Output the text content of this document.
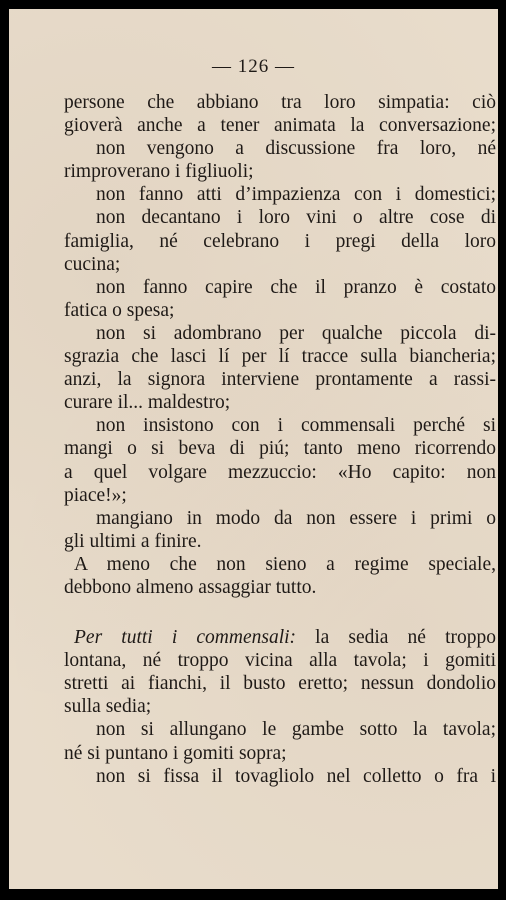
— 126 —
persone che abbiano tra loro simpatia: ciò
gioverà anche a tener animata la conversazione;
non vengono a discussione fra loro, né
rimproverano i figliuoli;
non fanno atti d’impazienza con i domestici;
non decantano i loro vini o altre cose di
famiglia, né celebrano i pregi della loro
cucina;
non fanno capire che il pranzo è costato
fatica o spesa;
non si adombrano per qualche piccola di-
sgrazia che lasci lí per lí tracce sulla biancheria;
anzi, la signora interviene prontamente a rassi-
curare il... maldestro;
non insistono con i commensali perché si
mangi o si beva di piú; tanto meno ricorrendo
a quel volgare mezzuccio: «Ho capito: non
piace!»;
mangiano in modo da non essere i primi o
gli ultimi a finire.
A meno che non sieno a regime speciale,
debbono almeno assaggiar tutto.
Per tutti i commensali: la sedia né troppo
lontana, né troppo vicina alla tavola; i gomiti
stretti ai fianchi, il busto eretto; nessun dondolio
sulla sedia;
non si allungano le gambe sotto la tavola;
né si puntano i gomiti sopra;
non si fissa il tovagliolo nel colletto o fra i
